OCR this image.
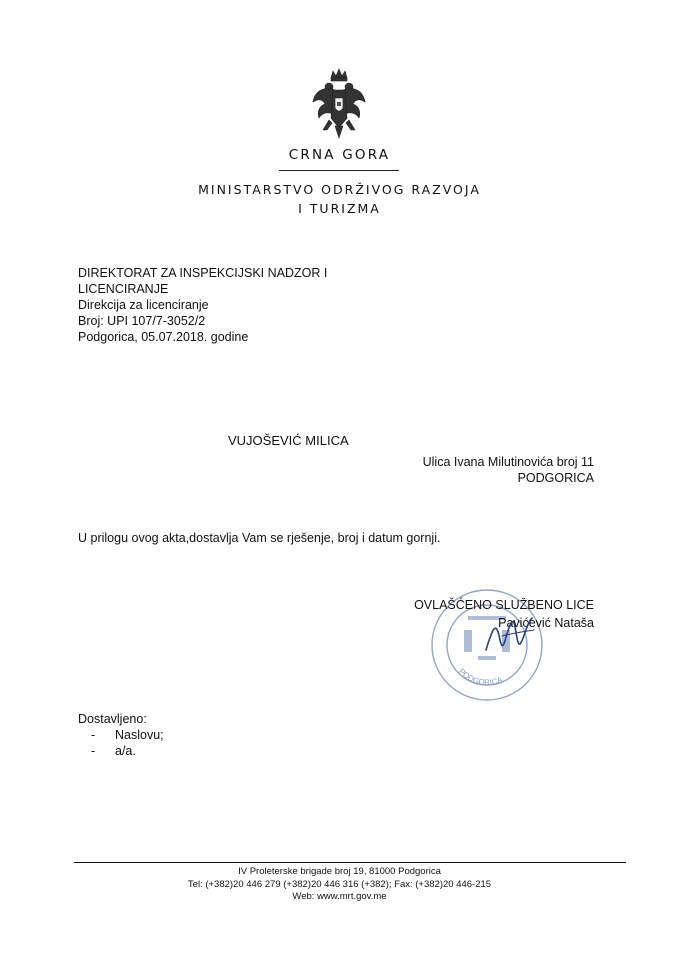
CRNA GORA
MINISTARSTVO ODRŽIVOG RAZVOJA
I TURIZMA
DIREKTORAT ZA INSPEKCIJSKI NADZOR I
LICENCIRANJE
Direkcija za licenciranje
Broj: UPI 107/7-3052/2
Podgorica, 05.07.2018. godine
VUJOŠEVIĆ MILICA
Ulica Ivana Milutinovića broj 11
PODGORICA
U prilogu ovog akta,dostavlja Vam se rješenje, broj i datum gornji.
PODGORICA
OVLAŠĆENO SLUŽBENO LICE
Pavićević Nataša
Dostavljeno:
- Naslovu;
- a/a.
IV Proleterske brigade broj 19, 81000 Podgorica
Tel: (+382)20 446 279 (+382)20 446 316 (+382); Fax: (+382)20 446-215
Web: www.mrt.gov.me
